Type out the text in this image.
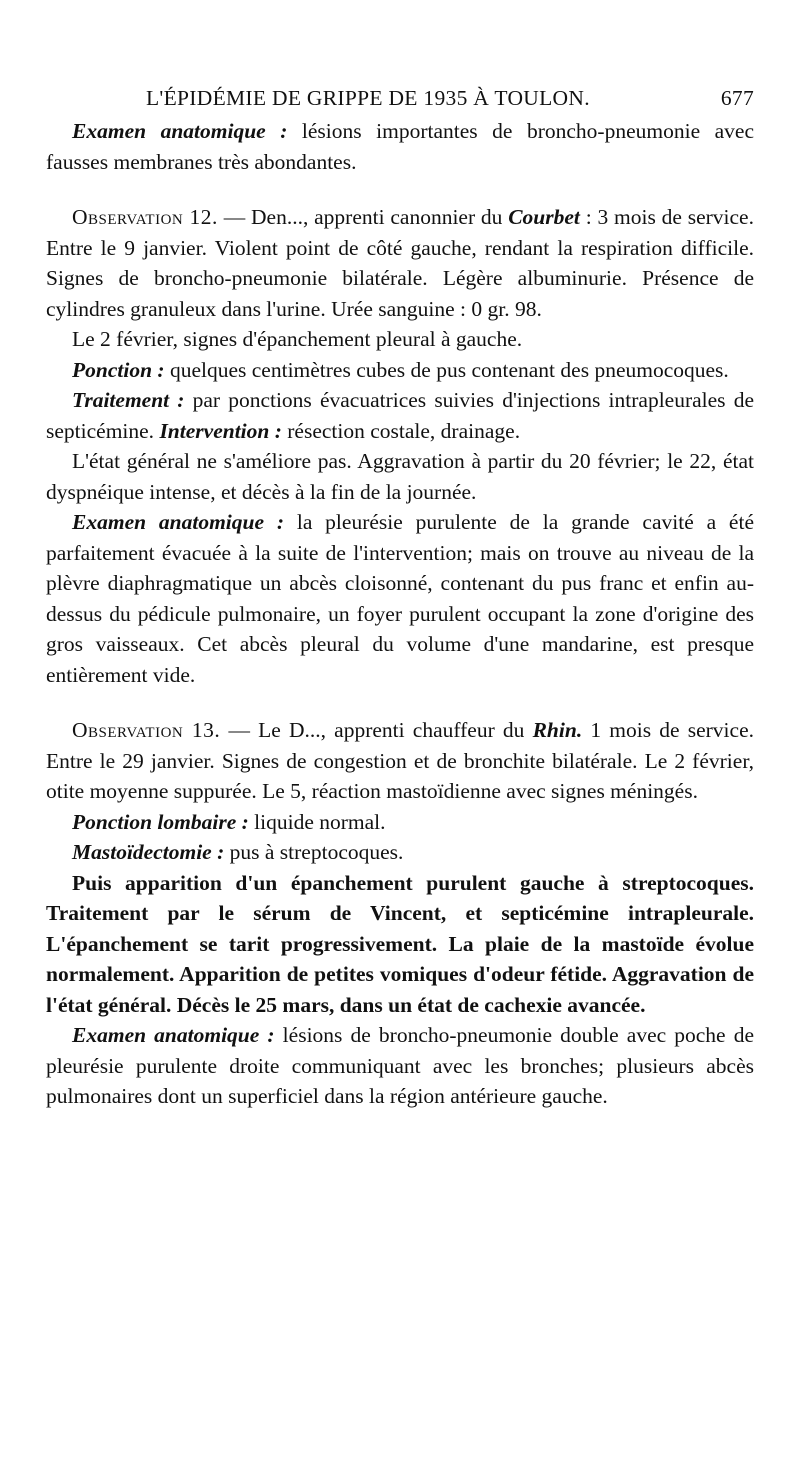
L'ÉPIDÉMIE DE GRIPPE DE 1935 À TOULON.	677

Examen anatomique : lésions importantes de broncho-pneumonie avec fausses membranes très abondantes.

Observation 12. — Den..., apprenti canonnier du Courbet : 3 mois de service. Entre le 9 janvier. Violent point de côté gauche, rendant la respiration difficile. Signes de broncho-pneumonie bilatérale. Légère albuminurie. Présence de cylindres granuleux dans l'urine. Urée sanguine : 0 gr. 98.

Le 2 février, signes d'épanchement pleural à gauche.

Ponction : quelques centimètres cubes de pus contenant des pneumocoques.

Traitement : par ponctions évacuatrices suivies d'injections intrapleurales de septicémine. Intervention : résection costale, drainage.

L'état général ne s'améliore pas. Aggravation à partir du 20 février; le 22, état dyspnéique intense, et décès à la fin de la journée.

Examen anatomique : la pleurésie purulente de la grande cavité a été parfaitement évacuée à la suite de l'intervention; mais on trouve au niveau de la plèvre diaphragmatique un abcès cloisonné, contenant du pus franc et enfin au-dessus du pédicule pulmonaire, un foyer purulent occupant la zone d'origine des gros vaisseaux. Cet abcès pleural du volume d'une mandarine, est presque entièrement vide.

Observation 13. — Le D..., apprenti chauffeur du Rhin. 1 mois de service. Entre le 29 janvier. Signes de congestion et de bronchite bilatérale. Le 2 février, otite moyenne suppurée. Le 5, réaction mastoïdienne avec signes méningés.

Ponction lombaire : liquide normal.

Mastoïdectomie : pus à streptocoques.

Puis apparition d'un épanchement purulent gauche à streptocoques. Traitement par le sérum de Vincent, et septicémine intrapleurale. L'épanchement se tarit progressivement. La plaie de la mastoïde évolue normalement. Apparition de petites vomiques d'odeur fétide. Aggravation de l'état général. Décès le 25 mars, dans un état de cachexie avancée.

Examen anatomique : lésions de broncho-pneumonie double avec poche de pleurésie purulente droite communiquant avec les bronches; plusieurs abcès pulmonaires dont un superficiel dans la région antérieure gauche.
